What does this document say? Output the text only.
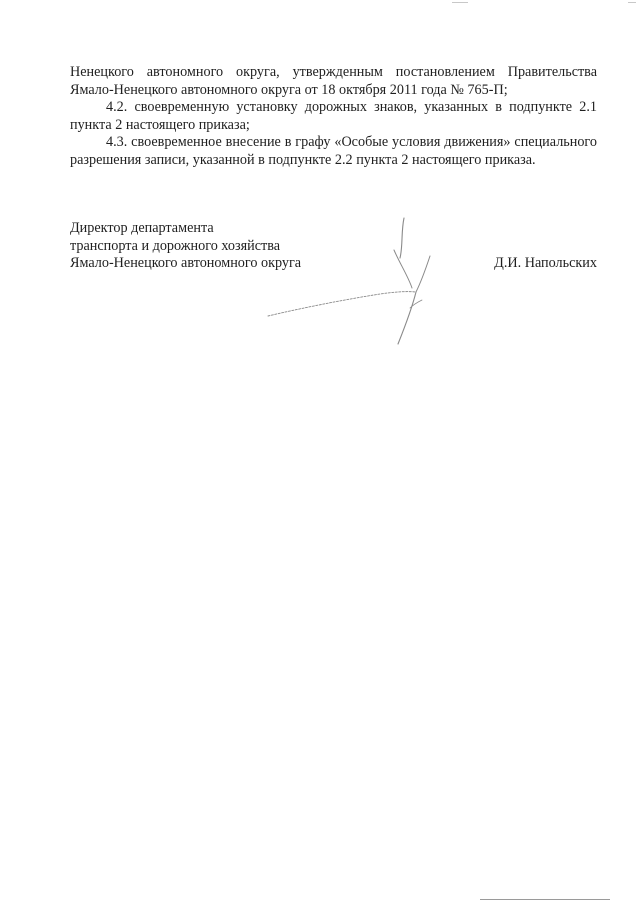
Ненецкого автономного округа, утвержденным постановлением Правительства Ямало-Ненецкого автономного округа от 18 октября 2011 года № 765-П;

4.2. своевременную установку дорожных знаков, указанных в подпункте 2.1 пункта 2 настоящего приказа;

4.3. своевременное внесение в графу «Особые условия движения» специального разрешения записи, указанной в подпункте 2.2 пункта 2 настоящего приказа.

Директор департамента
транспорта и дорожного хозяйства
Ямало-Ненецкого автономного округа	Д.И. Напольских
